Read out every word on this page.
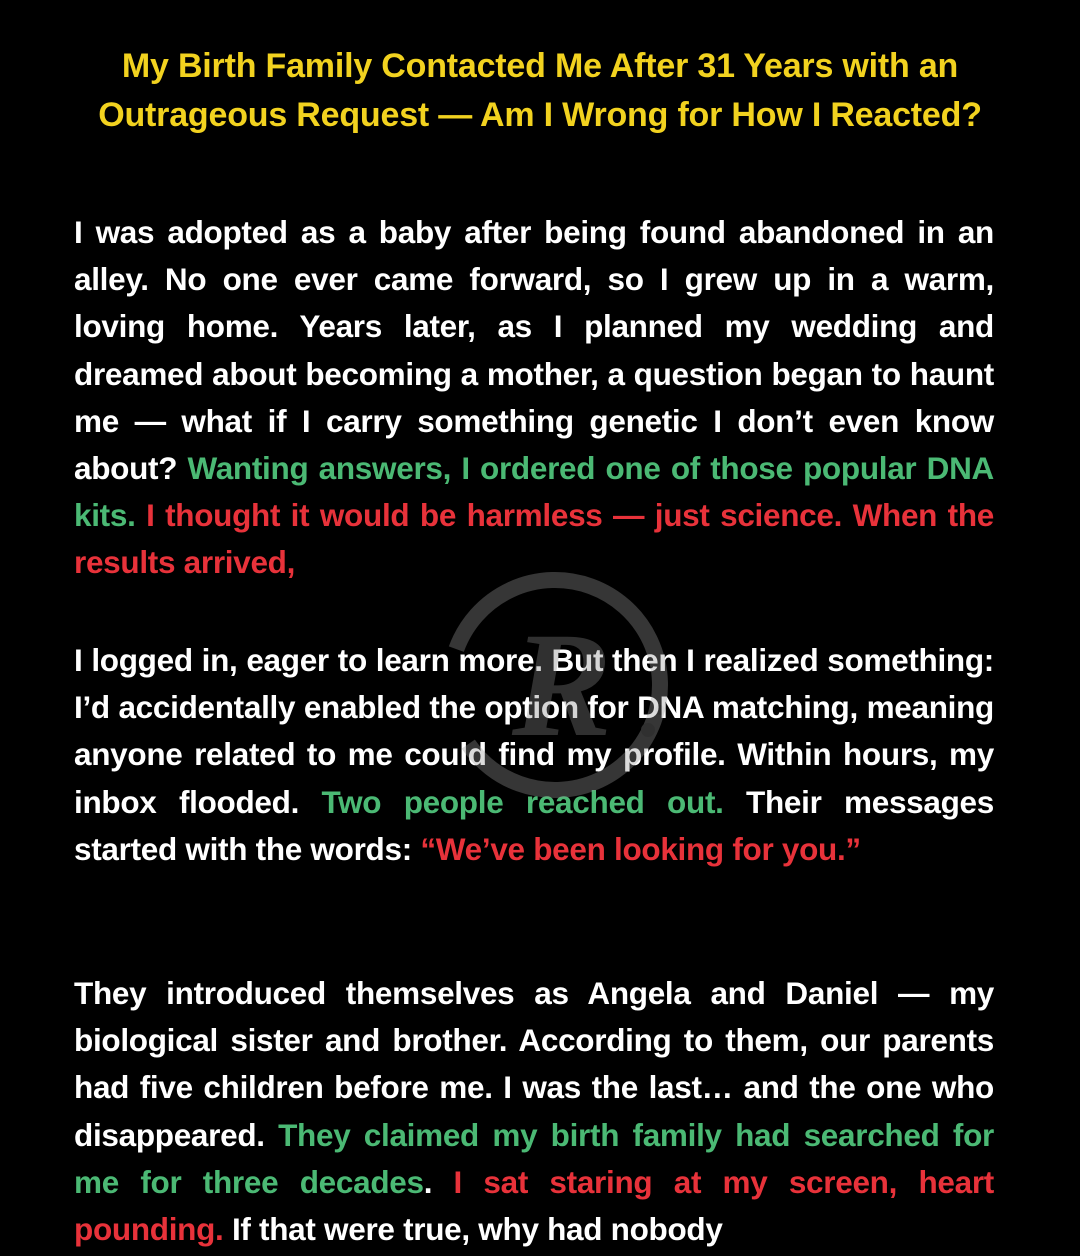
My Birth Family Contacted Me After 31 Years with an Outrageous Request — Am I Wrong for How I Reacted?
I was adopted as a baby after being found abandoned in an alley. No one ever came forward, so I grew up in a warm, loving home. Years later, as I planned my wedding and dreamed about becoming a mother, a question began to haunt me — what if I carry something genetic I don’t even know about? Wanting answers, I ordered one of those popular DNA kits. I thought it would be harmless — just science. When the results arrived,
I logged in, eager to learn more. But then I realized something: I’d accidentally enabled the option for DNA matching, meaning anyone related to me could find my profile. Within hours, my inbox flooded. Two people reached out. Their messages started with the words: “We’ve been looking for you.”
They introduced themselves as Angela and Daniel — my biological sister and brother. According to them, our parents had five children before me. I was the last… and the one who disappeared. They claimed my birth family had searched for me for three decades. I sat staring at my screen, heart pounding. If that were true, why had nobody
R
